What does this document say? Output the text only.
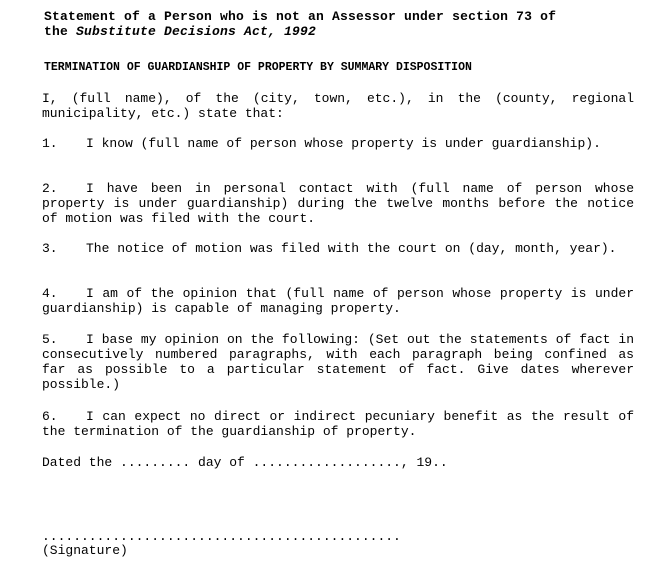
Statement of a Person who is not an Assessor under section 73 of
the Substitute Decisions Act, 1992
TERMINATION OF GUARDIANSHIP OF PROPERTY BY SUMMARY DISPOSITION
I, (full name), of the (city, town, etc.), in the (county, regional municipality, etc.) state that:
1. I know (full name of person whose property is under guardianship).
2. I have been in personal contact with (full name of person whose property is under guardianship) during the twelve months before the notice of motion was filed with the court.
3. The notice of motion was filed with the court on (day, month, year).
4. I am of the opinion that (full name of person whose property is under guardianship) is capable of managing property.
5. I base my opinion on the following: (Set out the statements of fact in consecutively numbered paragraphs, with each paragraph being confined as far as possible to a particular statement of fact. Give dates wherever possible.)
6. I can expect no direct or indirect pecuniary benefit as the result of the termination of the guardianship of property.
Dated the ......... day of ..................., 19..
..............................................
(Signature)
